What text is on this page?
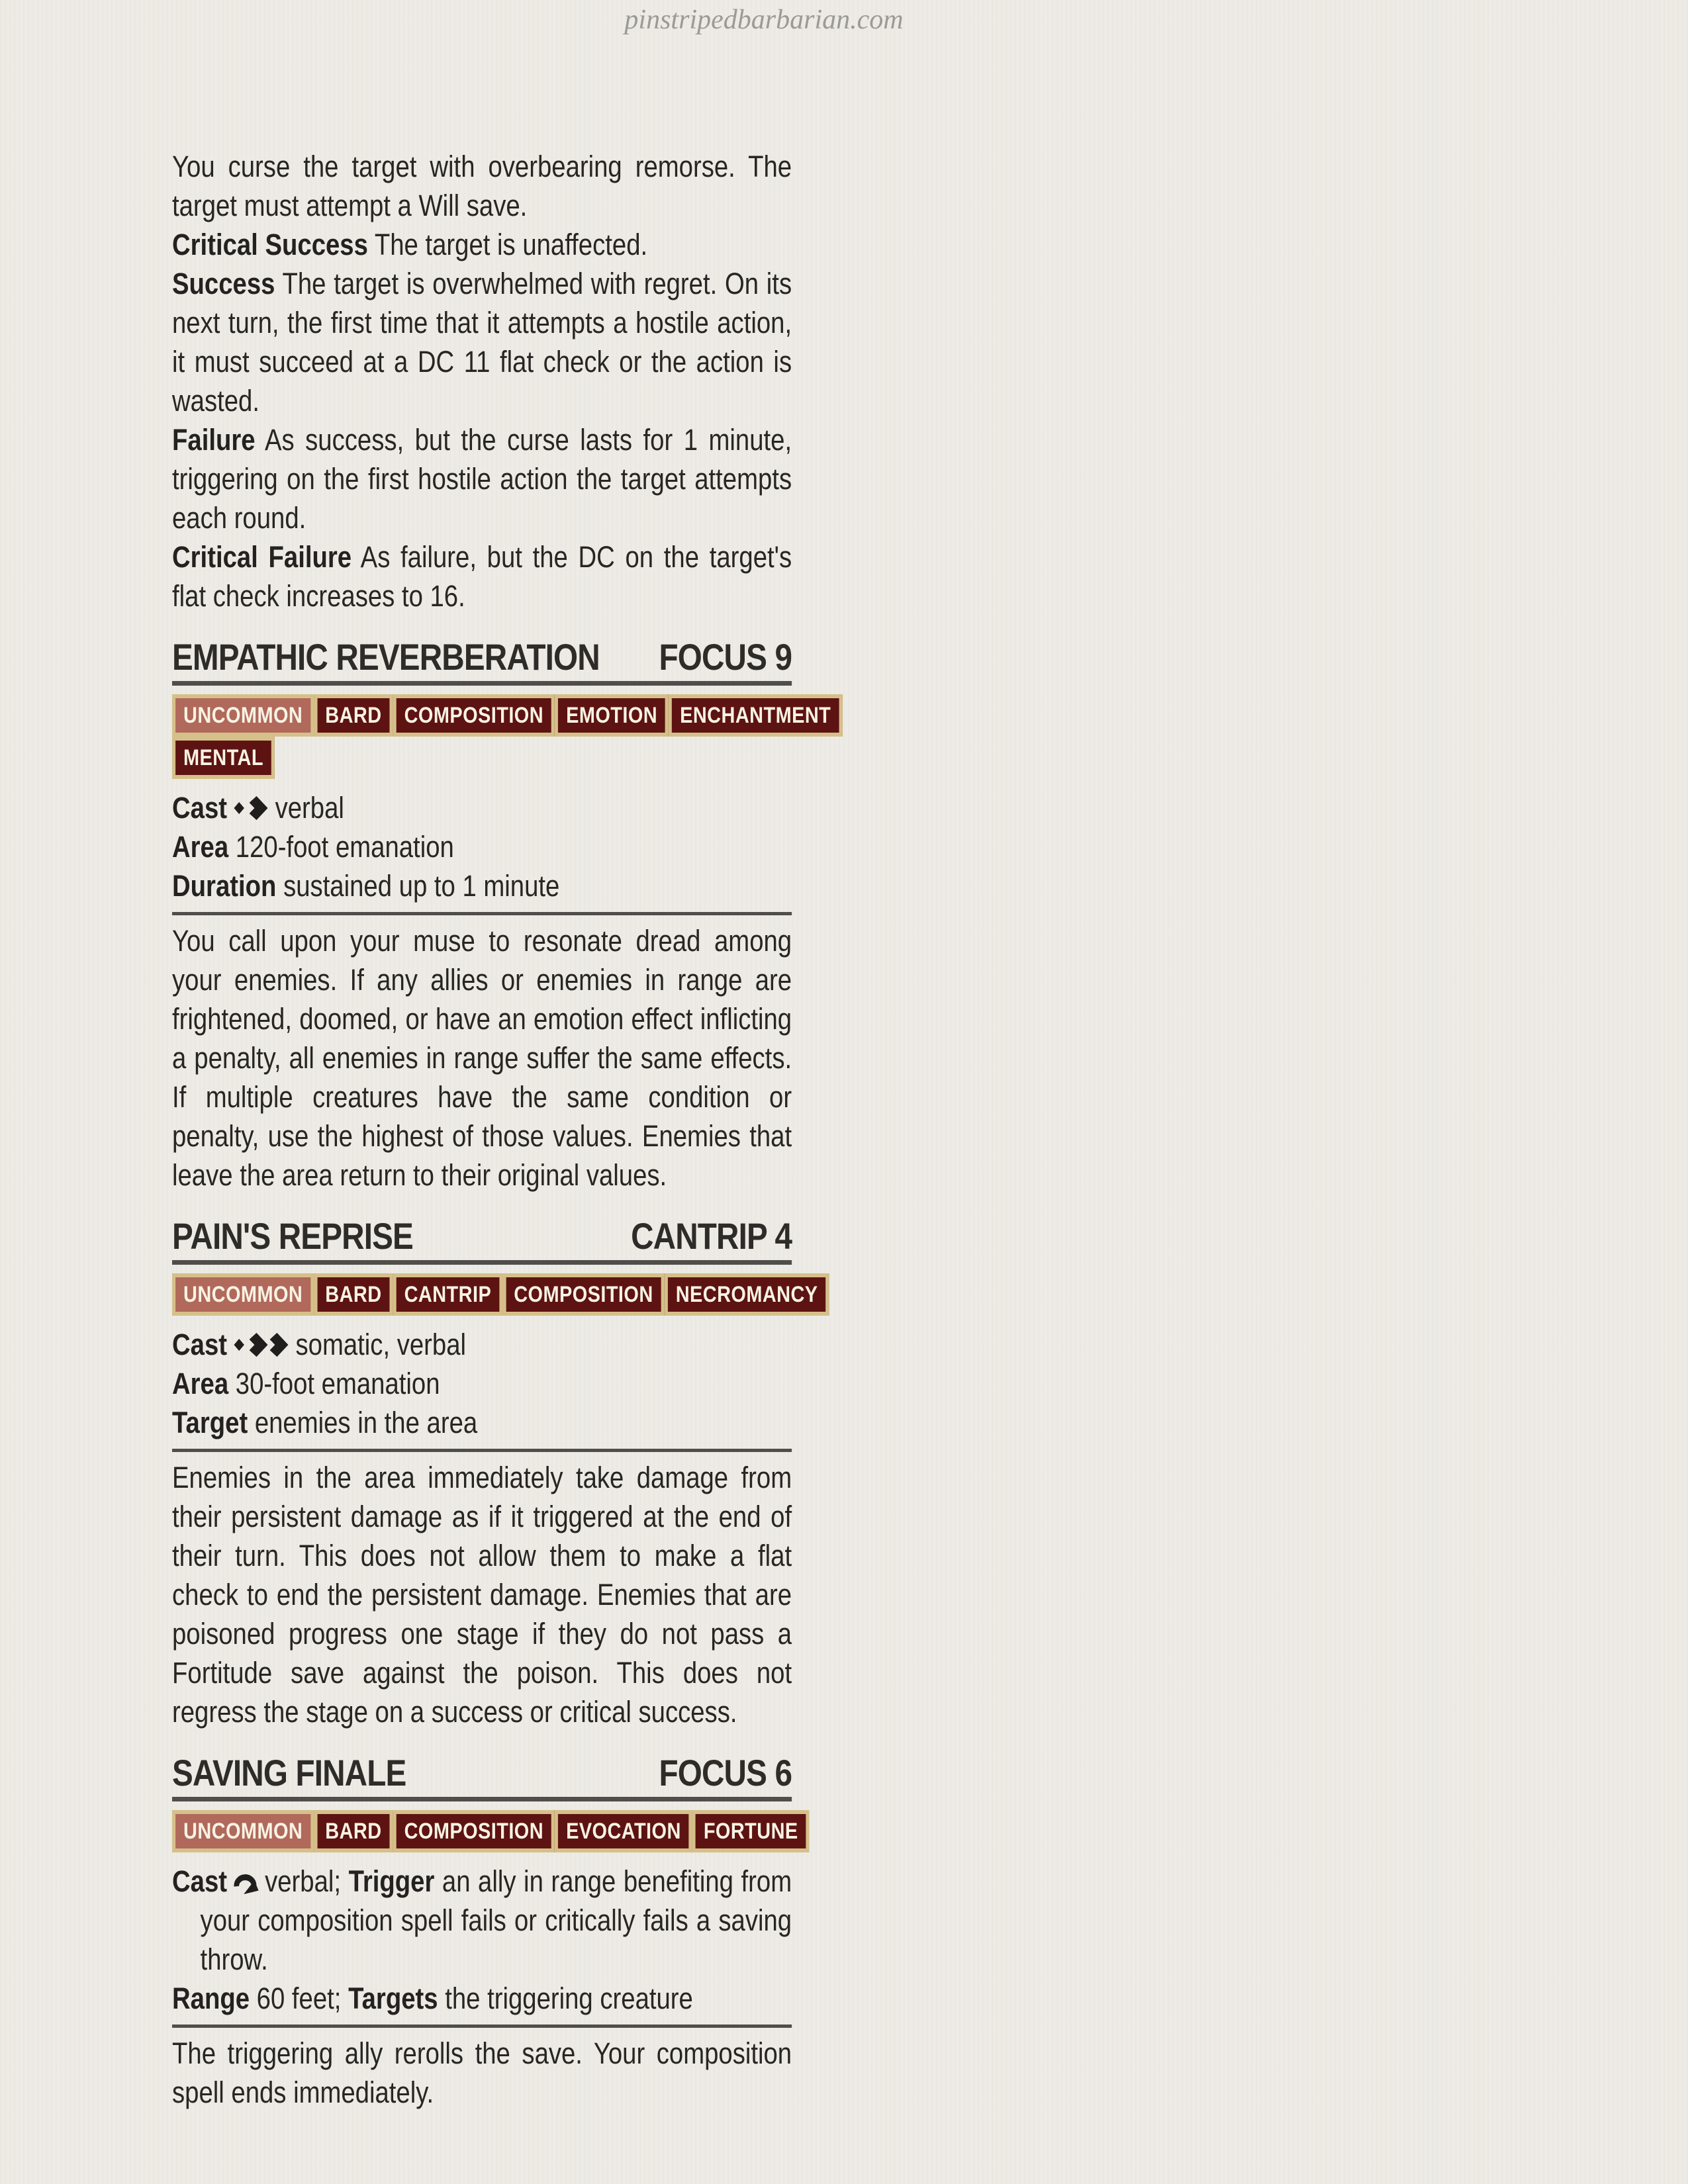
pinstripedbarbarian.com

You curse the target with overbearing remorse. The target must attempt a Will save.

Critical Success The target is unaffected.

Success The target is overwhelmed with regret. On its next turn, the first time that it attempts a hostile action, it must succeed at a DC 11 flat check or the action is wasted.

Failure As success, but the curse lasts for 1 minute, triggering on the first hostile action the target attempts each round.

Critical Failure As failure, but the DC on the target's flat check increases to 16.

EMPATHIC REVERBERATION FOCUS 9
UNCOMMON	BARD	COMPOSITION	EMOTION	ENCHANTMENT
MENTAL

Cast verbal

Area 120-foot emanation

Duration sustained up to 1 minute

You call upon your muse to resonate dread among your enemies. If any allies or enemies in range are frightened, doomed, or have an emotion effect inflicting a penalty, all enemies in range suffer the same effects. If multiple creatures have the same condition or penalty, use the highest of those values. Enemies that leave the area return to their original values.

PAIN'S REPRISE	CANTRIP 4
UNCOMMON	BARD	CANTRIP	COMPOSITION	NECROMANCY

Cast somatic, verbal

Area 30-foot emanation

Target enemies in the area

Enemies in the area immediately take damage from their persistent damage as if it triggered at the end of their turn. This does not allow them to make a flat check to end the persistent damage. Enemies that are poisoned progress one stage if they do not pass a Fortitude save against the poison. This does not regress the stage on a success or critical success.

SAVING FINALE	FOCUS 6
UNCOMMON	BARD	COMPOSITION	EVOCATION	FORTUNE

Cast verbal; Trigger an ally in range benefiting from your composition spell fails or critically fails a saving throw.

Range 60 feet; Targets the triggering creature

The triggering ally rerolls the save. Your composition spell ends immediately.
